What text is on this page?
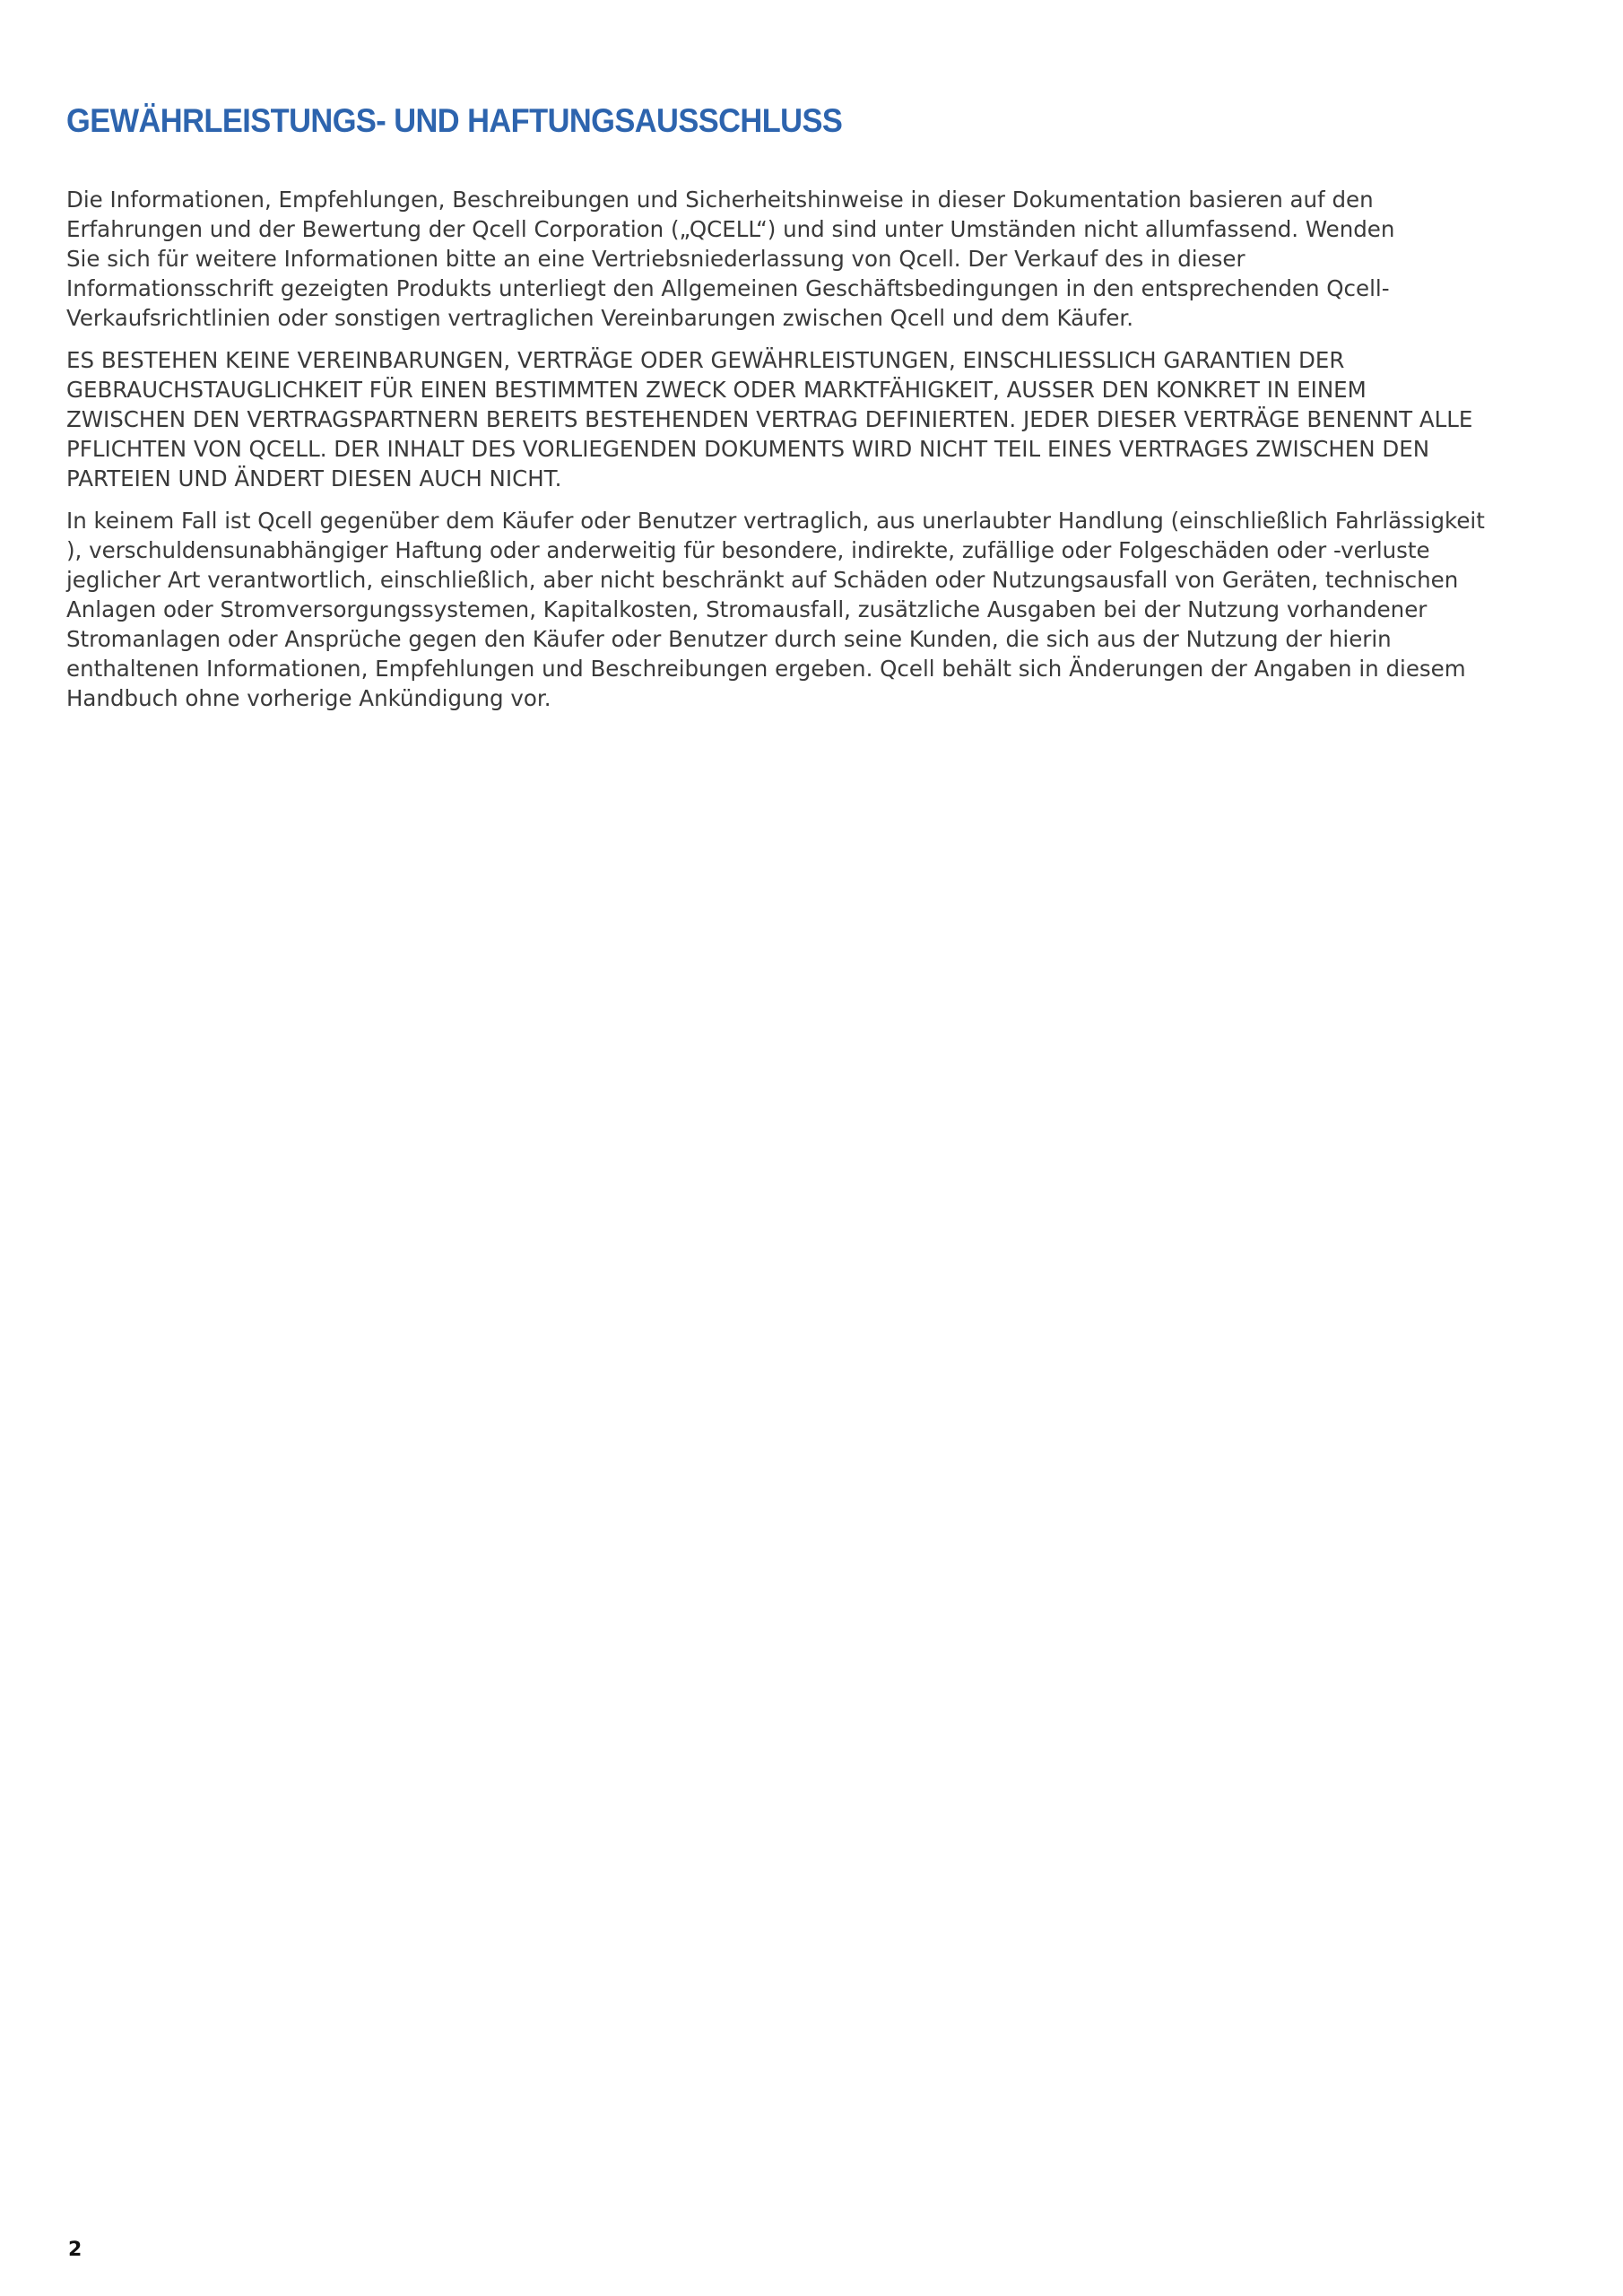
GEWÄHRLEISTUNGS- UND HAFTUNGSAUSSCHLUSS

Die Informationen, Empfehlungen, Beschreibungen und Sicherheitshinweise in dieser Dokumentation basieren auf den
Erfahrungen und der Bewertung der Qcell Corporation („QCELL“) und sind unter Umständen nicht allumfassend. Wenden
Sie sich für weitere Informationen bitte an eine Vertriebsniederlassung von Qcell. Der Verkauf des in dieser
Informationsschrift gezeigten Produkts unterliegt den Allgemeinen Geschäftsbedingungen in den entsprechenden Qcell-
Verkaufsrichtlinien oder sonstigen vertraglichen Vereinbarungen zwischen Qcell und dem Käufer.

ES BESTEHEN KEINE VEREINBARUNGEN, VERTRÄGE ODER GEWÄHRLEISTUNGEN, EINSCHLIESSLICH GARANTIEN DER
GEBRAUCHSTAUGLICHKEIT FÜR EINEN BESTIMMTEN ZWECK ODER MARKTFÄHIGKEIT, AUSSER DEN KONKRET IN EINEM
ZWISCHEN DEN VERTRAGSPARTNERN BEREITS BESTEHENDEN VERTRAG DEFINIERTEN. JEDER DIESER VERTRÄGE BENENNT ALLE
PFLICHTEN VON QCELL. DER INHALT DES VORLIEGENDEN DOKUMENTS WIRD NICHT TEIL EINES VERTRAGES ZWISCHEN DEN
PARTEIEN UND ÄNDERT DIESEN AUCH NICHT.

In keinem Fall ist Qcell gegenüber dem Käufer oder Benutzer vertraglich, aus unerlaubter Handlung (einschließlich Fahrlässigkeit
), verschuldensunabhängiger Haftung oder anderweitig für besondere, indirekte, zufällige oder Folgeschäden oder -verluste
jeglicher Art verantwortlich, einschließlich, aber nicht beschränkt auf Schäden oder Nutzungsausfall von Geräten, technischen
Anlagen oder Stromversorgungssystemen, Kapitalkosten, Stromausfall, zusätzliche Ausgaben bei der Nutzung vorhandener
Stromanlagen oder Ansprüche gegen den Käufer oder Benutzer durch seine Kunden, die sich aus der Nutzung der hierin
enthaltenen Informationen, Empfehlungen und Beschreibungen ergeben. Qcell behält sich Änderungen der Angaben in diesem
Handbuch ohne vorherige Ankündigung vor.

2
